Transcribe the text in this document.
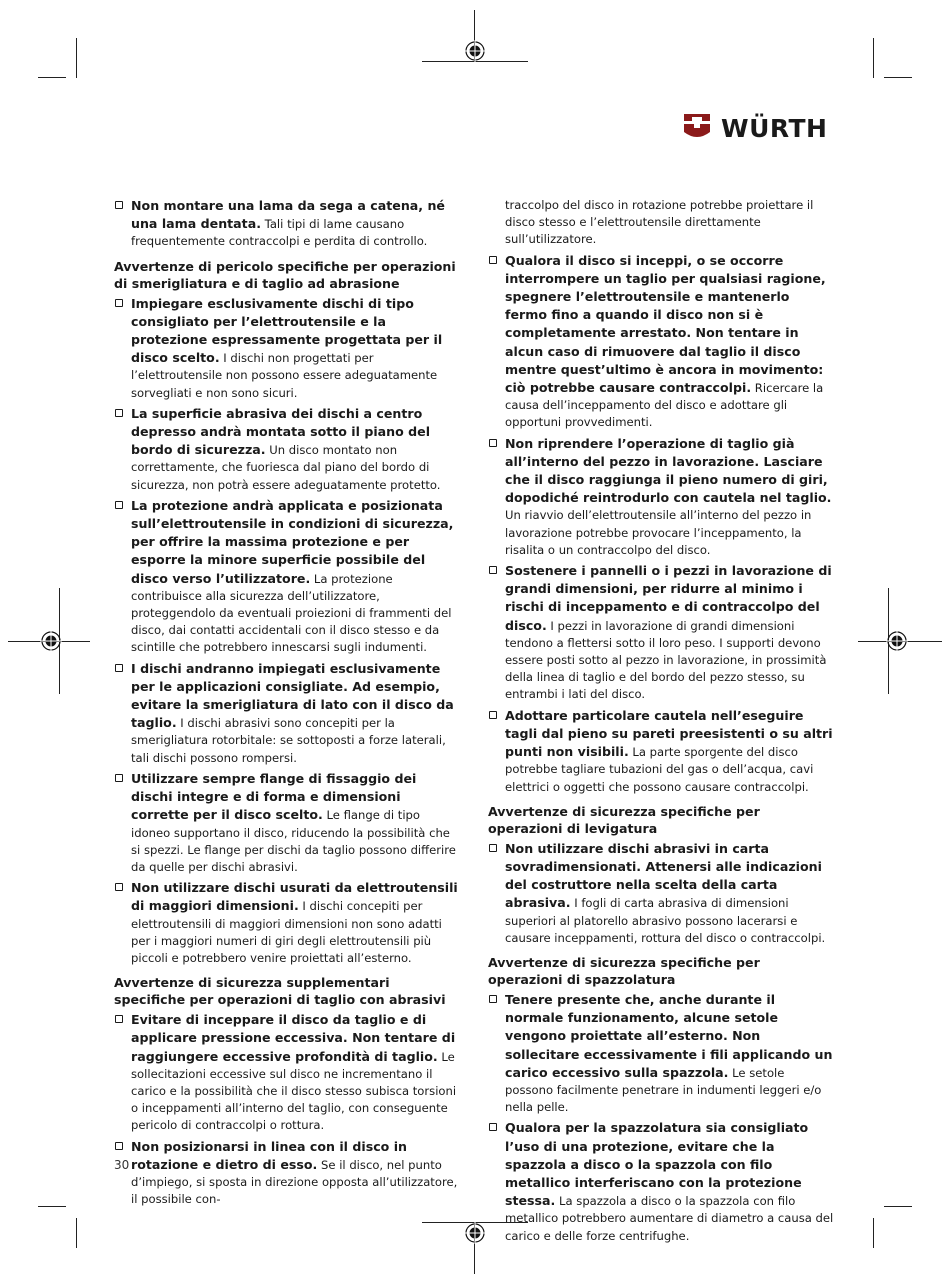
WÜRTH

Non montare una lama da sega a catena, né una lama dentata. Tali tipi di lame causano frequentemente contraccolpi e perdita di controllo.

Avvertenze di pericolo specifiche per operazioni di smerigliatura e di taglio ad abrasione

Impiegare esclusivamente dischi di tipo consigliato per l’elettroutensile e la protezione espressamente progettata per il disco scelto. I dischi non progettati per l’elettroutensile non possono essere adeguatamente sorvegliati e non sono sicuri.

La superficie abrasiva dei dischi a centro depresso andrà montata sotto il piano del bordo di sicurezza. Un disco montato non correttamente, che fuoriesca dal piano del bordo di sicurezza, non potrà essere adeguatamente protetto.

La protezione andrà applicata e posizionata sull’elettroutensile in condizioni di sicurezza, per offrire la massima protezione e per esporre la minore superficie possibile del disco verso l’utilizzatore. La protezione contribuisce alla sicurezza dell’utilizzatore, proteggendolo da eventuali proiezioni di frammenti del disco, dai contatti accidentali con il disco stesso e da scintille che potrebbero innescarsi sugli indumenti.

I dischi andranno impiegati esclusivamente per le applicazioni consigliate. Ad esempio, evitare la smerigliatura di lato con il disco da taglio. I dischi abrasivi sono concepiti per la smerigliatura rotorbitale: se sottoposti a forze laterali, tali dischi possono rompersi.

Utilizzare sempre flange di fissaggio dei dischi integre e di forma e dimensioni corrette per il disco scelto. Le flange di tipo idoneo supportano il disco, riducendo la possibilità che si spezzi. Le flange per dischi da taglio possono differire da quelle per dischi abrasivi.

Non utilizzare dischi usurati da elettroutensili di maggiori dimensioni. I dischi concepiti per elettroutensili di maggiori dimensioni non sono adatti per i maggiori numeri di giri degli elettroutensili più piccoli e potrebbero venire proiettati all’esterno.

Avvertenze di sicurezza supplementari specifiche per operazioni di taglio con abrasivi

Evitare di inceppare il disco da taglio e di applicare pressione eccessiva. Non tentare di raggiungere eccessive profondità di taglio. Le sollecitazioni eccessive sul disco ne incrementano il carico e la possibilità che il disco stesso subisca torsioni o inceppamenti all’interno del taglio, con conseguente pericolo di contraccolpi o rottura.

Non posizionarsi in linea con il disco in rotazione e dietro di esso. Se il disco, nel punto d’impiego, si sposta in direzione opposta all’utilizzatore, il possibile con-

traccolpo del disco in rotazione potrebbe proiettare il disco stesso e l’elettroutensile direttamente sull’utilizzatore.

Qualora il disco si inceppi, o se occorre interrompere un taglio per qualsiasi ragione, spegnere l’elettroutensile e mantenerlo fermo fino a quando il disco non si è completamente arrestato. Non tentare in alcun caso di rimuovere dal taglio il disco mentre quest’ultimo è ancora in movimento: ciò potrebbe causare contraccolpi. Ricercare la causa dell’inceppamento del disco e adottare gli opportuni provvedimenti.

Non riprendere l’operazione di taglio già all’interno del pezzo in lavorazione. Lasciare che il disco raggiunga il pieno numero di giri, dopodiché reintrodurlo con cautela nel taglio. Un riavvio dell’elettroutensile all’interno del pezzo in lavorazione potrebbe provocare l’inceppamento, la risalita o un contraccolpo del disco.

Sostenere i pannelli o i pezzi in lavorazione di grandi dimensioni, per ridurre al minimo i rischi di inceppamento e di contraccolpo del disco. I pezzi in lavorazione di grandi dimensioni tendono a flettersi sotto il loro peso. I supporti devono essere posti sotto al pezzo in lavorazione, in prossimità della linea di taglio e del bordo del pezzo stesso, su entrambi i lati del disco.

Adottare particolare cautela nell’eseguire tagli dal pieno su pareti preesistenti o su altri punti non visibili. La parte sporgente del disco potrebbe tagliare tubazioni del gas o dell’acqua, cavi elettrici o oggetti che possono causare contraccolpi.

Avvertenze di sicurezza specifiche per operazioni di levigatura

Non utilizzare dischi abrasivi in carta sovradimensionati. Attenersi alle indicazioni del costruttore nella scelta della carta abrasiva. I fogli di carta abrasiva di dimensioni superiori al platorello abrasivo possono lacerarsi e causare inceppamenti, rottura del disco o contraccolpi.

Avvertenze di sicurezza specifiche per operazioni di spazzolatura

Tenere presente che, anche durante il normale funzionamento, alcune setole vengono proiettate all’esterno. Non sollecitare eccessivamente i fili applicando un carico eccessivo sulla spazzola. Le setole possono facilmente penetrare in indumenti leggeri e/o nella pelle.

Qualora per la spazzolatura sia consigliato l’uso di una protezione, evitare che la spazzola a disco o la spazzola con filo metallico interferiscano con la protezione stessa. La spazzola a disco o la spazzola con filo metallico potrebbero aumentare di diametro a causa del carico e delle forze centrifughe.

30
